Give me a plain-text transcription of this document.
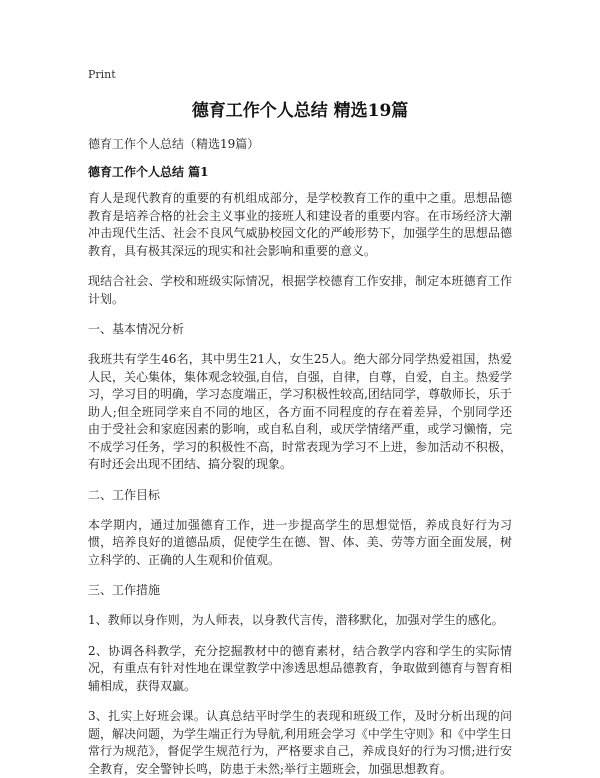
Print
德育工作个人总结 精选19篇
德育工作个人总结（精选19篇）
德育工作个人总结 篇1

育人是现代教育的重要的有机组成部分，是学校教育工作的重中之重。思想品德教育是培养合格的社会主义事业的接班人和建设者的重要内容。在市场经济大潮冲击现代生活、社会不良风气威胁校园文化的严峻形势下，加强学生的思想品德教育，具有极其深远的现实和社会影响和重要的意义。

现结合社会、学校和班级实际情况，根据学校德育工作安排，制定本班德育工作计划。

一、基本情况分析

我班共有学生46名，其中男生21人，女生25人。绝大部分同学热爱祖国，热爱人民，关心集体，集体观念较强,自信，自强，自律，自尊，自爱，自主。热爱学习，学习目的明确，学习态度端正，学习积极性较高,团结同学，尊敬师长，乐于助人;但全班同学来自不同的地区，各方面不同程度的存在着差异，个别同学还由于受社会和家庭因素的影响，或自私自利，或厌学情绪严重，或学习懒惰，完不成学习任务，学习的积极性不高，时常表现为学习不上进，参加活动不积极，有时还会出现不团结、搞分裂的现象。

二、工作目标

本学期内，通过加强德育工作，进一步提高学生的思想觉悟，养成良好行为习惯，培养良好的道德品质，促使学生在德、智、体、美、劳等方面全面发展，树立科学的、正确的人生观和价值观。

三、工作措施

1、教师以身作则，为人师表，以身教代言传，潜移默化，加强对学生的感化。

2、协调各科教学，充分挖掘教材中的德育素材，结合教学内容和学生的实际情况，有重点有针对性地在课堂教学中渗透思想品德教育，争取做到德育与智育相辅相成，获得双赢。

3、扎实上好班会课。认真总结平时学生的表现和班级工作，及时分析出现的问题，解决问题，为学生端正行为导航,利用班会学习《中学生守则》和《中学生日常行为规范》，督促学生规范行为，严格要求自己，养成良好的行为习惯;进行安全教育，安全警钟长鸣，防患于未然;举行主题班会，加强思想教育。
